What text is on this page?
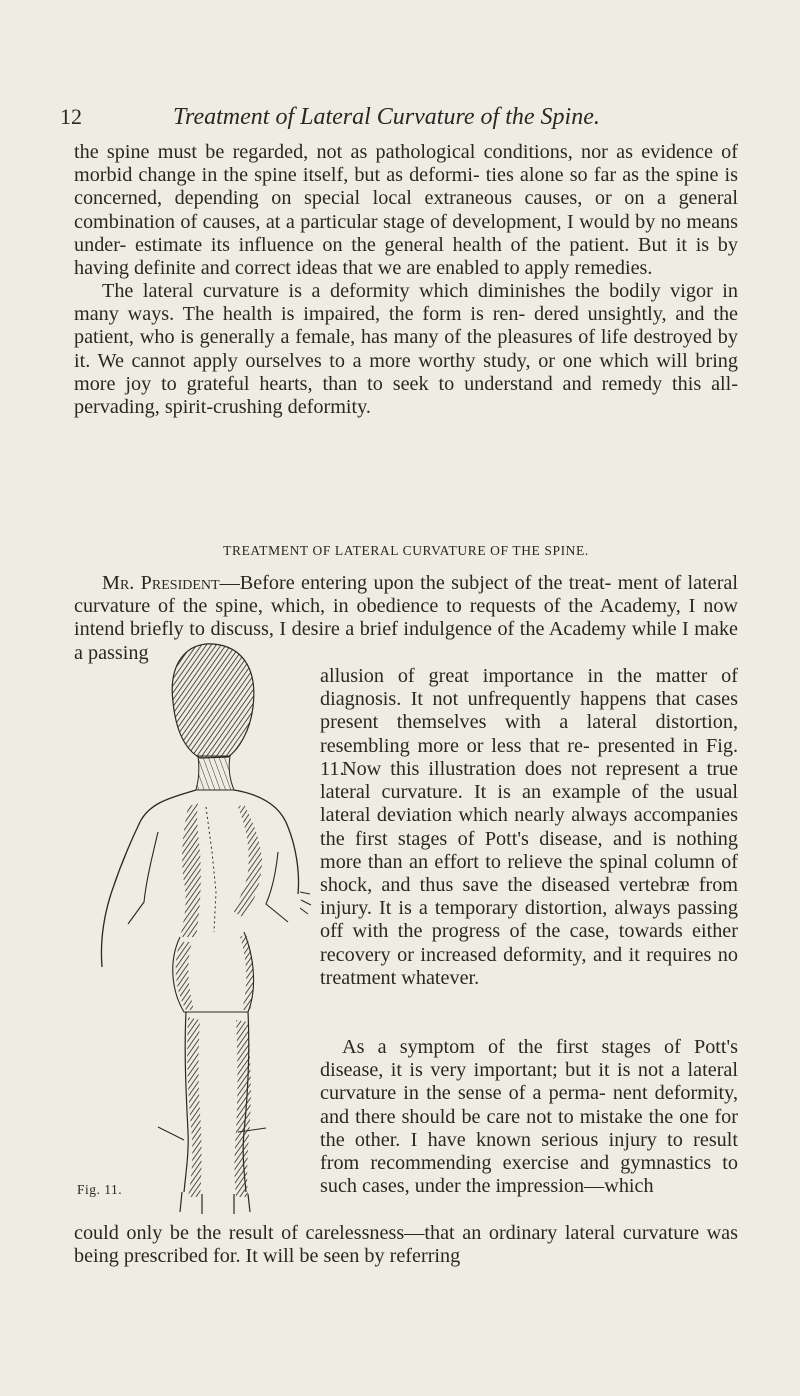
12	Treatment of Lateral Curvature of the Spine.

the spine must be regarded, not as pathological conditions, nor as evidence of morbid change in the spine itself, but as deformi- ties alone so far as the spine is concerned, depending on special local extraneous causes, or on a general combination of causes, at a particular stage of development, I would by no means under- estimate its influence on the general health of the patient. But it is by having definite and correct ideas that we are enabled to apply remedies.

The lateral curvature is a deformity which diminishes the bodily vigor in many ways. The health is impaired, the form is ren- dered unsightly, and the patient, who is generally a female, has many of the pleasures of life destroyed by it. We cannot apply ourselves to a more worthy study, or one which will bring more joy to grateful hearts, than to seek to understand and remedy this all-pervading, spirit-crushing deformity.

TREATMENT OF LATERAL CURVATURE OF THE SPINE.

Mr. President—Before entering upon the subject of the treat- ment of lateral curvature of the spine, which, in obedience to requests of the Academy, I now intend briefly to discuss, I desire a brief indulgence of the Academy while I make a passing

allusion of great importance in the matter of diagnosis. It not unfrequently happens that cases present themselves with a lateral distortion, resembling more or less that re- presented in Fig. 11.

Now this illustration does not represent a true lateral curvature. It is an example of the usual lateral deviation which nearly always accompanies the first stages of Pott's disease, and is nothing more than an effort to relieve the spinal column of shock, and thus save the diseased vertebræ from injury. It is a temporary distortion, always passing off with the progress of the case, towards either recovery or increased deformity, and it requires no treatment whatever.

As a symptom of the first stages of Pott's disease, it is very important; but it is not a lateral curvature in the sense of a perma- nent deformity, and there should be care not to mistake the one for the other. I have known serious injury to result from recommending exercise and gymnastics to such cases, under the impression—which

could only be the result of carelessness—that an ordinary lateral curvature was being prescribed for. It will be seen by referring

Fig. 11.
